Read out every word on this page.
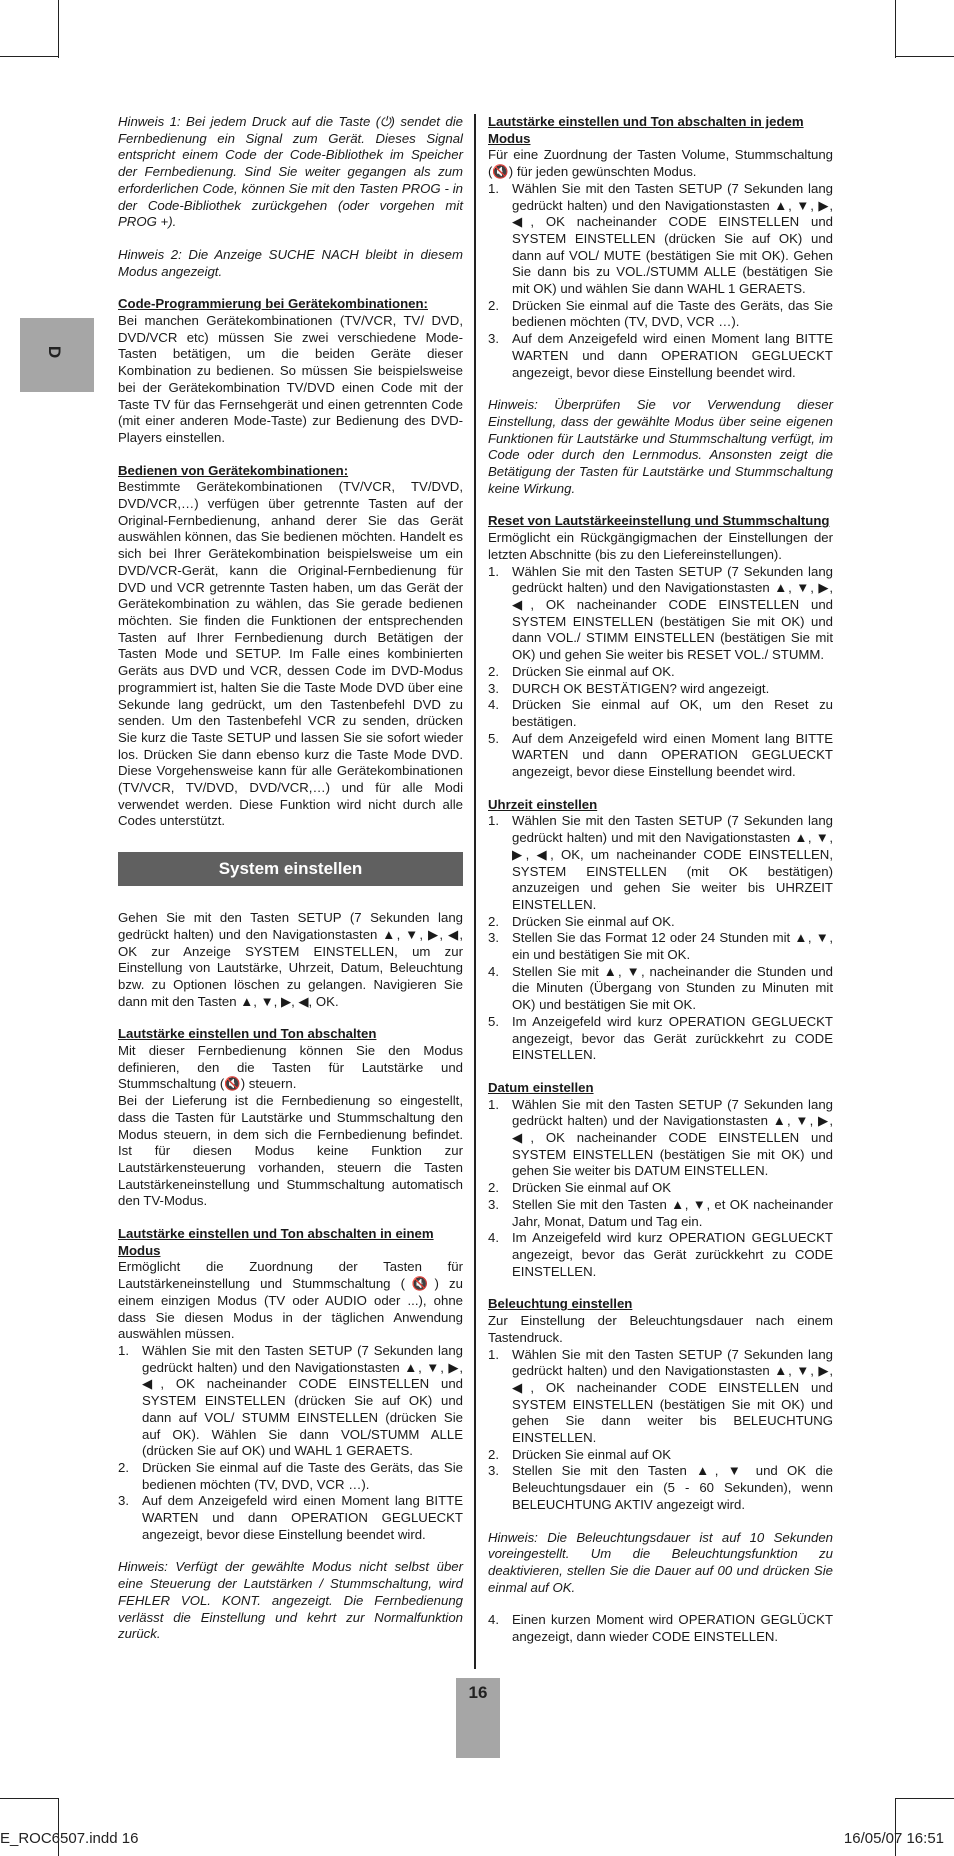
D

Hinweis 1: Bei jedem Druck auf die Taste (⏻) sendet die Fernbedienung ein Signal zum Gerät. Dieses Signal entspricht einem Code der Code-Bibliothek im Speicher der Fernbedienung. Sind Sie weiter gegangen als zum erforderlichen Code, können Sie mit den Tasten PROG - in der Code-Bibliothek zurückgehen (oder vorgehen mit PROG +).

Hinweis 2: Die Anzeige SUCHE NACH bleibt in diesem Modus angezeigt.

Code-Programmierung bei Gerätekombinationen:

Bei manchen Gerätekombinationen (TV/VCR, TV/ DVD, DVD/VCR etc) müssen Sie zwei verschiedene Mode-Tasten betätigen, um die beiden Geräte dieser Kombination zu bedienen. So müssen Sie beispielsweise bei der Gerätekombination TV/DVD einen Code mit der Taste TV für das Fernsehgerät und einen getrennten Code (mit einer anderen Mode-Taste) zur Bedienung des DVD-Players einstellen.

Bedienen von Gerätekombinationen:

Bestimmte Gerätekombinationen (TV/VCR, TV/DVD, DVD/VCR,…) verfügen über getrennte Tasten auf der Original-Fernbedienung, anhand derer Sie das Gerät auswählen können, das Sie bedienen möchten. Handelt es sich bei Ihrer Gerätekombination beispielsweise um ein DVD/VCR-Gerät, kann die Original-Fernbedienung für DVD und VCR getrennte Tasten haben, um das Gerät der Gerätekombination zu wählen, das Sie gerade bedienen möchten. Sie finden die Funktionen der entsprechenden Tasten auf Ihrer Fernbedienung durch Betätigen der Tasten Mode und SETUP. Im Falle eines kombinierten Geräts aus DVD und VCR, dessen Code im DVD-Modus programmiert ist, halten Sie die Taste Mode DVD über eine Sekunde lang gedrückt, um den Tastenbefehl DVD zu senden. Um den Tastenbefehl VCR zu senden, drücken Sie kurz die Taste SETUP und lassen Sie sie sofort wieder los. Drücken Sie dann ebenso kurz die Taste Mode DVD. Diese Vorgehensweise kann für alle Gerätekombinationen (TV/VCR, TV/DVD, DVD/VCR,…) und für alle Modi verwendet werden. Diese Funktion wird nicht durch alle Codes unterstützt.

System einstellen

Gehen Sie mit den Tasten SETUP (7 Sekunden lang gedrückt halten) und den Navigationstasten ▲, ▼, ▶, ◀, OK zur Anzeige SYSTEM EINSTELLEN, um zur Einstellung von Lautstärke, Uhrzeit, Datum, Beleuchtung bzw. zu Optionen löschen zu gelangen. Navigieren Sie dann mit den Tasten ▲, ▼, ▶, ◀, OK.

Lautstärke einstellen und Ton abschalten

Mit dieser Fernbedienung können Sie den Modus definieren, den die Tasten für Lautstärke und Stummschaltung (🔇) steuern.

Bei der Lieferung ist die Fernbedienung so eingestellt, dass die Tasten für Lautstärke und Stummschaltung den Modus steuern, in dem sich die Fernbedienung befindet. Ist für diesen Modus keine Funktion zur Lautstärkensteuerung vorhanden, steuern die Tasten Lautstärkeneinstellung und Stummschaltung automatisch den TV-Modus.

Lautstärke einstellen und Ton abschalten in einem Modus

Ermöglicht die Zuordnung der Tasten für Lautstärkeneinstellung und Stummschaltung (🔇) zu einem einzigen Modus (TV oder AUDIO oder ...), ohne dass Sie diesen Modus in der täglichen Anwendung auswählen müssen.

1. Wählen Sie mit den Tasten SETUP (7 Sekunden lang gedrückt halten) und den Navigationstasten ▲, ▼, ▶, ◀, OK nacheinander CODE EINSTELLEN und SYSTEM EINSTELLEN (drücken Sie auf OK) und dann auf VOL/ STUMM EINSTELLEN (drücken Sie auf OK). Wählen Sie dann VOL/STUMM ALLE (drücken Sie auf OK) und WAHL 1 GERAETS.
2. Drücken Sie einmal auf die Taste des Geräts, das Sie bedienen möchten (TV, DVD, VCR …).
3. Auf dem Anzeigefeld wird einen Moment lang BITTE WARTEN und dann OPERATION GEGLUECKT angezeigt, bevor diese Einstellung beendet wird.

Hinweis: Verfügt der gewählte Modus nicht selbst über eine Steuerung der Lautstärken / Stummschaltung, wird FEHLER VOL. KONT. angezeigt. Die Fernbedienung verlässt die Einstellung und kehrt zur Normalfunktion zurück.

Lautstärke einstellen und Ton abschalten in jedem Modus

Für eine Zuordnung der Tasten Volume, Stummschaltung (🔇) für jeden gewünschten Modus.

1. Wählen Sie mit den Tasten SETUP (7 Sekunden lang gedrückt halten) und den Navigationstasten ▲, ▼, ▶, ◀, OK nacheinander CODE EINSTELLEN und SYSTEM EINSTELLEN (drücken Sie auf OK) und dann auf VOL/ MUTE (bestätigen Sie mit OK). Gehen Sie dann bis zu VOL./STUMM ALLE (bestätigen Sie mit OK) und wählen Sie dann WAHL 1 GERAETS.
2. Drücken Sie einmal auf die Taste des Geräts, das Sie bedienen möchten (TV, DVD, VCR …).
3. Auf dem Anzeigefeld wird einen Moment lang BITTE WARTEN und dann OPERATION GEGLUECKT angezeigt, bevor diese Einstellung beendet wird.

Hinweis: Überprüfen Sie vor Verwendung dieser Einstellung, dass der gewählte Modus über seine eigenen Funktionen für Lautstärke und Stummschaltung verfügt, im Code oder durch den Lernmodus. Ansonsten zeigt die Betätigung der Tasten für Lautstärke und Stummschaltung keine Wirkung.

Reset von Lautstärkeeinstellung und Stummschaltung

Ermöglicht ein Rückgängigmachen der Einstellungen der letzten Abschnitte (bis zu den Liefereinstellungen).

1. Wählen Sie mit den Tasten SETUP (7 Sekunden lang gedrückt halten) und den Navigationstasten ▲, ▼, ▶, ◀, OK nacheinander CODE EINSTELLEN und SYSTEM EINSTELLEN (bestätigen Sie mit OK) und dann VOL./ STIMM EINSTELLEN (bestätigen Sie mit OK) und gehen Sie weiter bis RESET VOL./ STUMM.
2. Drücken Sie einmal auf OK.
3. DURCH OK BESTÄTIGEN? wird angezeigt.
4. Drücken Sie einmal auf OK, um den Reset zu bestätigen.
5. Auf dem Anzeigefeld wird einen Moment lang BITTE WARTEN und dann OPERATION GEGLUECKT angezeigt, bevor diese Einstellung beendet wird.
Uhrzeit einstellen
1. Wählen Sie mit den Tasten SETUP (7 Sekunden lang gedrückt halten) und mit den Navigationstasten ▲, ▼, ▶, ◀, OK, um nacheinander CODE EINSTELLEN, SYSTEM EINSTELLEN (mit OK bestätigen) anzuzeigen und gehen Sie weiter bis UHRZEIT EINSTELLEN.
2. Drücken Sie einmal auf OK.
3. Stellen Sie das Format 12 oder 24 Stunden mit ▲, ▼, ein und bestätigen Sie mit OK.
4. Stellen Sie mit ▲, ▼, nacheinander die Stunden und die Minuten (Übergang von Stunden zu Minuten mit OK) und bestätigen Sie mit OK.
5. Im Anzeigefeld wird kurz OPERATION GEGLUECKT angezeigt, bevor das Gerät zurückkehrt zu CODE EINSTELLEN.
Datum einstellen
1. Wählen Sie mit den Tasten SETUP (7 Sekunden lang gedrückt halten) und der Navigationstasten ▲, ▼, ▶, ◀, OK nacheinander CODE EINSTELLEN und SYSTEM EINSTELLEN (bestätigen Sie mit OK) und gehen Sie weiter bis DATUM EINSTELLEN.
2. Drücken Sie einmal auf OK
3. Stellen Sie mit den Tasten ▲, ▼, et OK nacheinander Jahr, Monat, Datum und Tag ein.
4. Im Anzeigefeld wird kurz OPERATION GEGLUECKT angezeigt, bevor das Gerät zurückkehrt zu CODE EINSTELLEN.
Beleuchtung einstellen

Zur Einstellung der Beleuchtungsdauer nach einem Tastendruck.

1. Wählen Sie mit den Tasten SETUP (7 Sekunden lang gedrückt halten) und den Navigationstasten ▲, ▼, ▶, ◀, OK nacheinander CODE EINSTELLEN und SYSTEM EINSTELLEN (bestätigen Sie mit OK) und gehen Sie dann weiter bis BELEUCHTUNG EINSTELLEN.
2. Drücken Sie einmal auf OK
3. Stellen Sie mit den Tasten ▲, ▼ und OK die Beleuchtungsdauer ein (5 - 60 Sekunden), wenn BELEUCHTUNG AKTIV angezeigt wird.

Hinweis: Die Beleuchtungsdauer ist auf 10 Sekunden voreingestellt. Um die Beleuchtungsfunktion zu deaktivieren, stellen Sie die Dauer auf 00 und drücken Sie einmal auf OK.

4. Einen kurzen Moment wird OPERATION GEGLÜCKT angezeigt, dann wieder CODE EINSTELLEN.
16
E_ROC6507.indd 16	16/05/07 16:51
